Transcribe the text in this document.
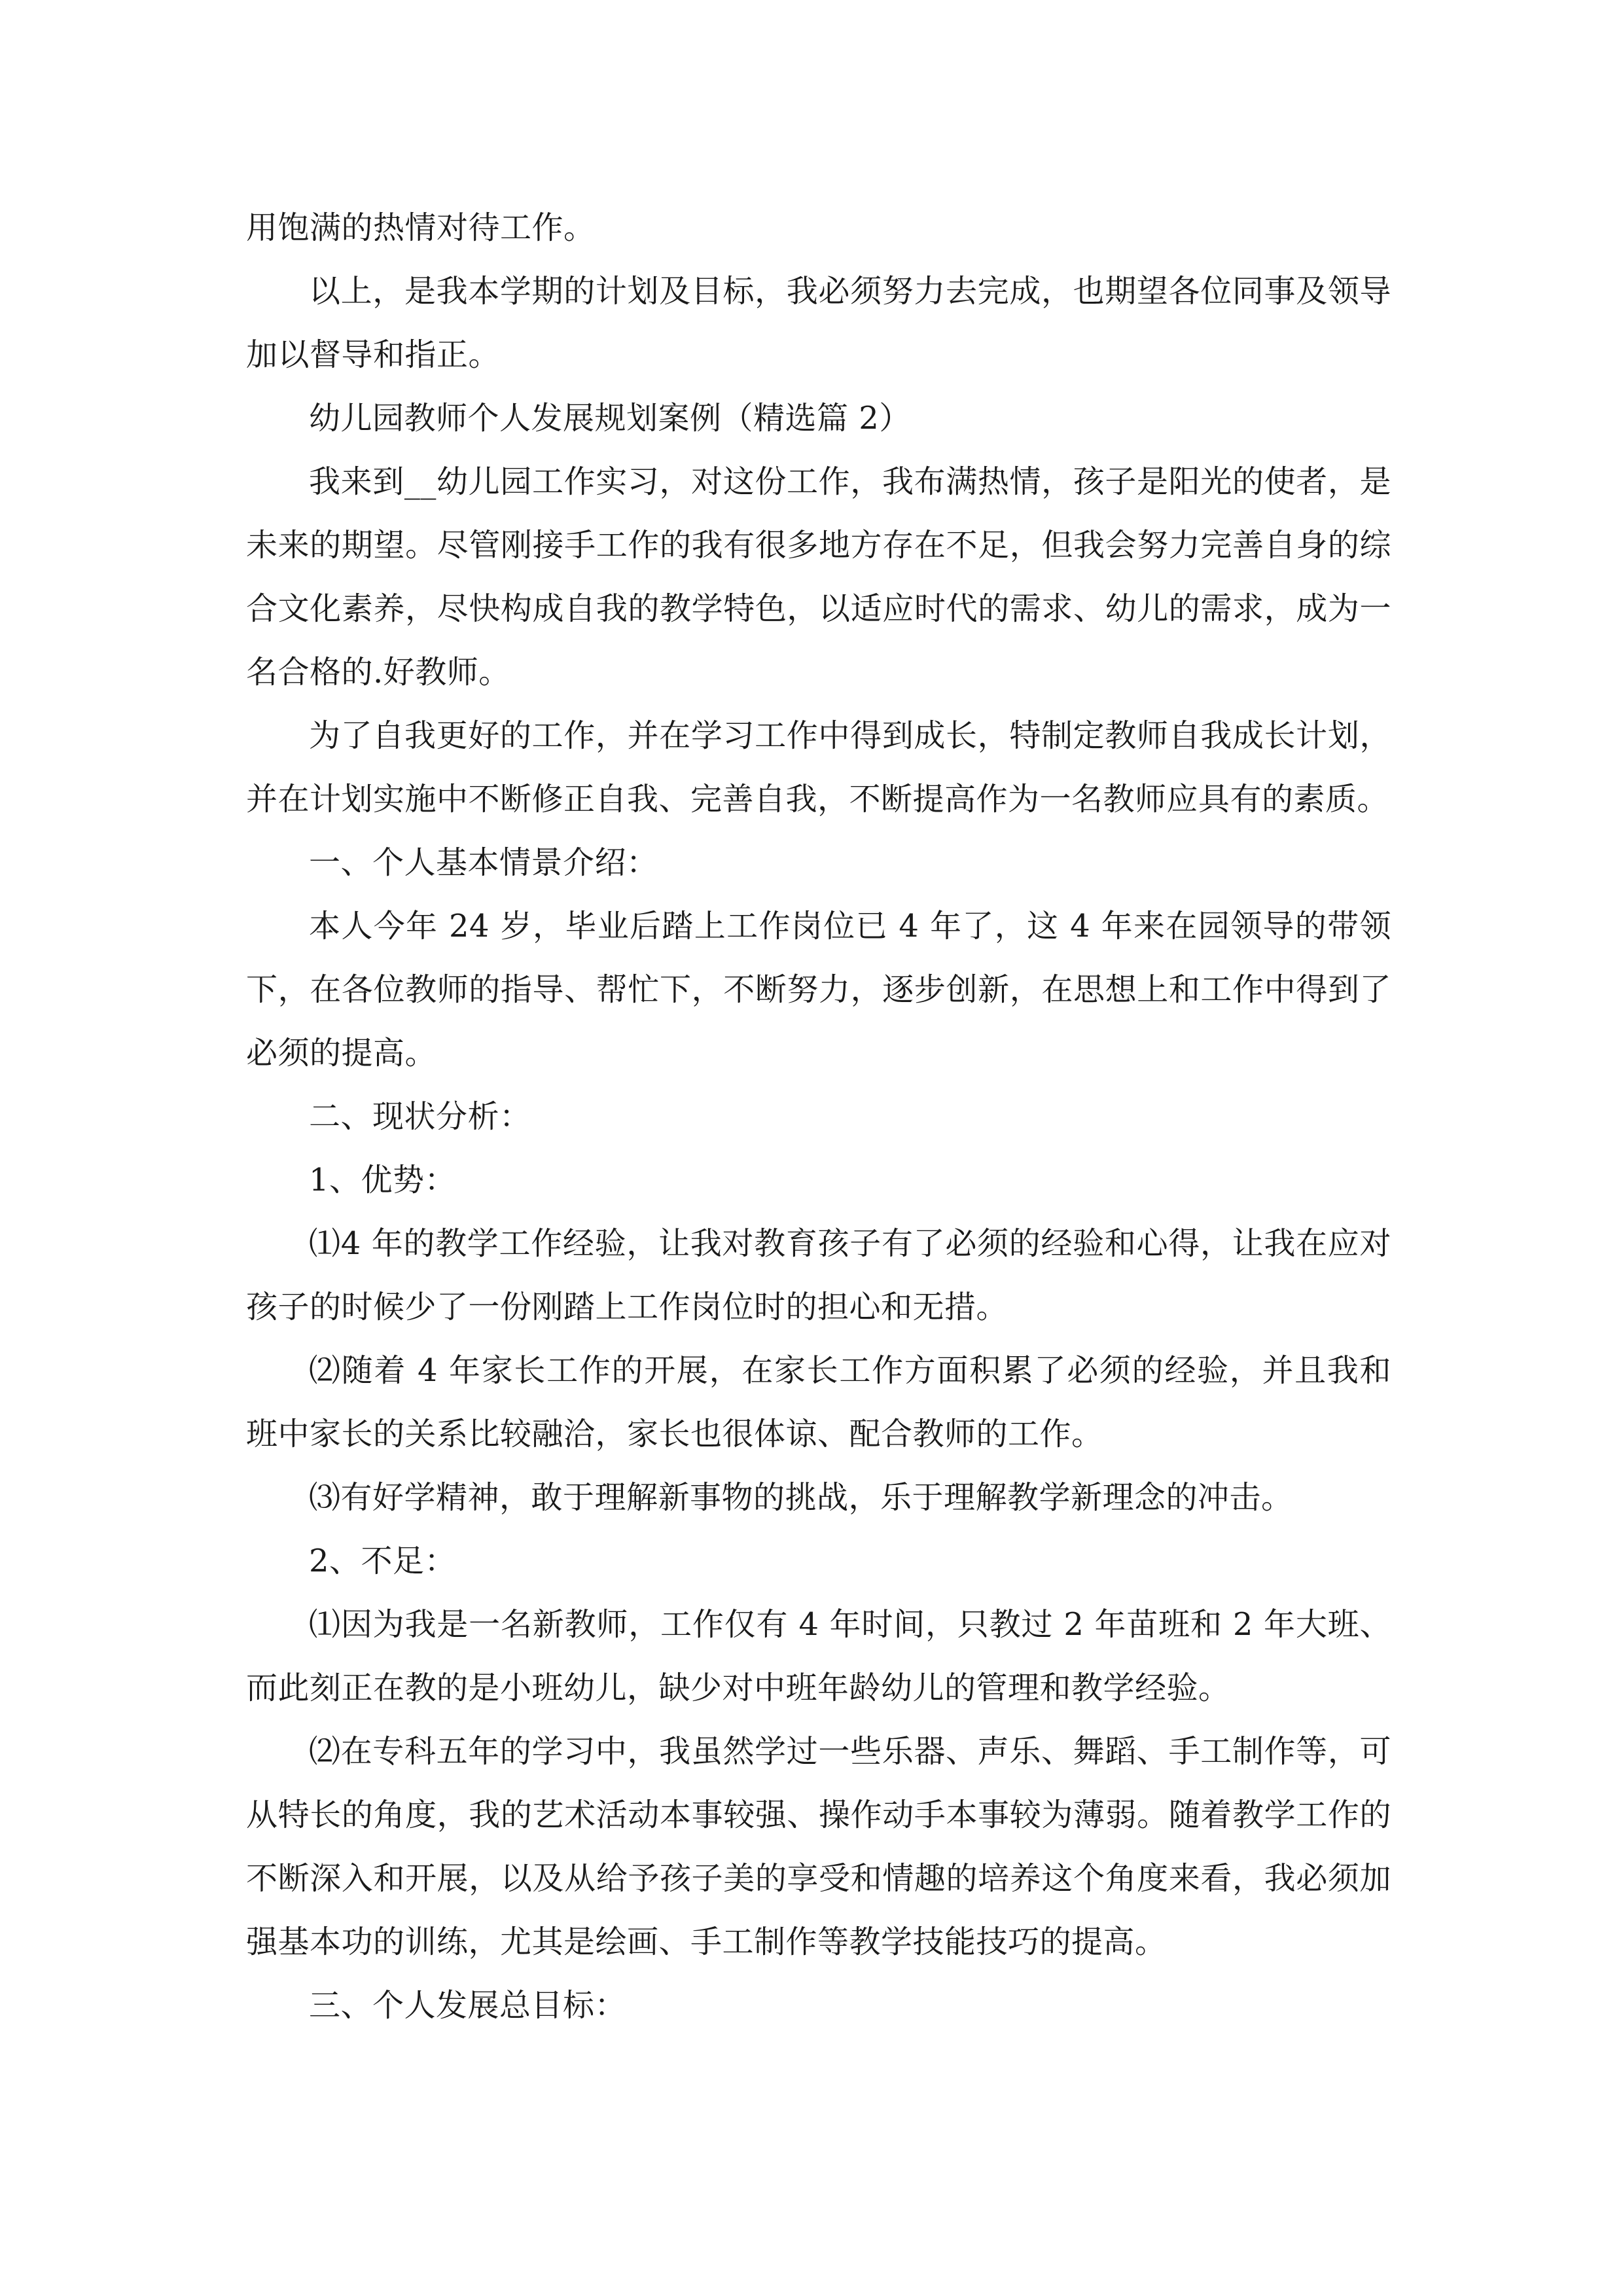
用饱满的热情对待工作。

以上，是我本学期的计划及目标，我必须努力去完成，也期望各位同事及领导加以督导和指正。

幼儿园教师个人发展规划案例（精选篇 2）

我来到__幼儿园工作实习，对这份工作，我布满热情，孩子是阳光的使者，是未来的期望。尽管刚接手工作的我有很多地方存在不足，但我会努力完善自身的综合文化素养，尽快构成自我的教学特色，以适应时代的需求、幼儿的需求，成为一名合格的.好教师。

为了自我更好的工作，并在学习工作中得到成长，特制定教师自我成长计划，并在计划实施中不断修正自我、完善自我，不断提高作为一名教师应具有的素质。

一、个人基本情景介绍：

本人今年 24 岁，毕业后踏上工作岗位已 4 年了，这 4 年来在园领导的带领下，在各位教师的指导、帮忙下，不断努力，逐步创新，在思想上和工作中得到了必须的提高。

二、现状分析：

1、优势：

⑴4 年的教学工作经验，让我对教育孩子有了必须的经验和心得，让我在应对孩子的时候少了一份刚踏上工作岗位时的担心和无措。

⑵随着 4 年家长工作的开展，在家长工作方面积累了必须的经验，并且我和班中家长的关系比较融洽，家长也很体谅、配合教师的工作。

⑶有好学精神，敢于理解新事物的挑战，乐于理解教学新理念的冲击。

2、不足：

⑴因为我是一名新教师，工作仅有 4 年时间，只教过 2 年苗班和 2 年大班、而此刻正在教的是小班幼儿，缺少对中班年龄幼儿的管理和教学经验。

⑵在专科五年的学习中，我虽然学过一些乐器、声乐、舞蹈、手工制作等，可从特长的角度，我的艺术活动本事较强、操作动手本事较为薄弱。随着教学工作的不断深入和开展，以及从给予孩子美的享受和情趣的培养这个角度来看，我必须加强基本功的训练，尤其是绘画、手工制作等教学技能技巧的提高。

三、个人发展总目标：
